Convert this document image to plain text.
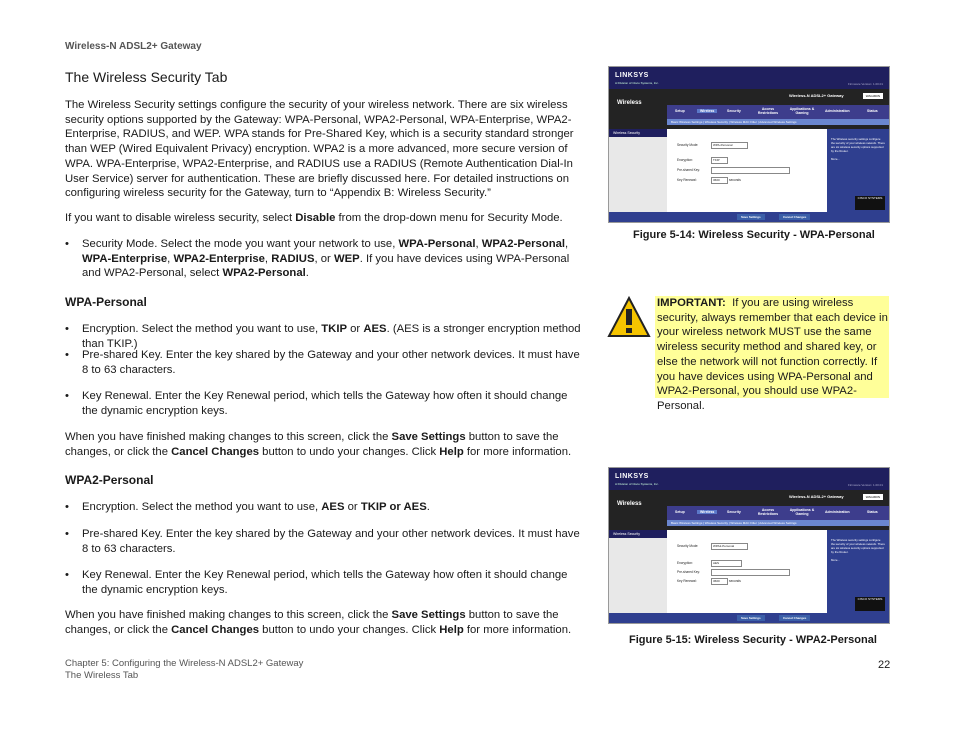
Wireless-N ADSL2+ Gateway
The Wireless Security Tab

The Wireless Security settings configure the security of your wireless network. There are six wireless security options supported by the Gateway: WPA-Personal, WPA2-Personal, WPA-Enterprise, WPA2-Enterprise, RADIUS, and WEP. WPA stands for Pre-Shared Key, which is a security standard stronger than WEP (Wired Equivalent Privacy) encryption. WPA2 is a more advanced, more secure version of WPA. WPA-Enterprise, WPA2-Enterprise, and RADIUS use a RADIUS (Remote Authentication Dial-In User Service) server for authentication. These are briefly discussed here. For detailed instructions on configuring wireless security for the Gateway, turn to “Appendix B: Wireless Security.”

If you want to disable wireless security, select Disable from the drop-down menu for Security Mode.

• Security Mode. Select the mode you want your network to use, WPA-Personal, WPA2-Personal, WPA-Enterprise, WPA2-Enterprise, RADIUS, or WEP. If you have devices using WPA-Personal and WPA2-Personal, select WPA2-Personal.
WPA-Personal
• Encryption. Select the method you want to use, TKIP or AES. (AES is a stronger encryption method than TKIP.)
• Pre-shared Key. Enter the key shared by the Gateway and your other network devices. It must have
8 to 63 characters.
• Key Renewal. Enter the Key Renewal period, which tells the Gateway how often it should change the dynamic encryption keys.

When you have finished making changes to this screen, click the Save Settings button to save the changes, or click the Cancel Changes button to undo your changes. Click Help for more information.

WPA2-Personal
• Encryption. Select the method you want to use, AES or TKIP or AES.
• Pre-shared Key. Enter the key shared by the Gateway and your other network devices. It must have
8 to 63 characters.
• Key Renewal. Enter the Key Renewal period, which tells the Gateway how often it should change the dynamic encryption keys.

When you have finished making changes to this screen, click the Save Settings button to save the changes, or click the Cancel Changes button to undo your changes. Click Help for more information.

LINKSYS
A Division of Cisco Systems, Inc.	Firmware Version: 1.00.01
Wireless
Wireless-N ADSL2+ Gateway	WAG300N
Setup	Wireless	Security	Access Restrictions
Applications & Gaming	Administration	Status
Basic Wireless Settings | Wireless Security | Wireless MAC Filter | Advanced Wireless Settings
Wireless Security
The Wireless security settings configure the security of your wireless network. There are six wireless security options supported by the Router.

More...
Security Mode:	WPA-Personal
Encryption:	TKIP
Pre-shared Key:
Key Renewal:	3600	seconds
CISCO SYSTEMS
Save Settings	Cancel Changes
Figure 5-14: Wireless Security - WPA-Personal
IMPORTANT: If you are using wireless security, always remember that each device in your wireless network MUST use the same wireless security method and shared key, or else the network will not function correctly. If you have devices using WPA-Personal and WPA2-Personal, you should use WPA2-Personal.
LINKSYS
A Division of Cisco Systems, Inc.	Firmware Version: 1.00.01
Wireless
Wireless-N ADSL2+ Gateway	WAG300N
Setup	Wireless	Security	Access Restrictions
Applications & Gaming	Administration	Status
Basic Wireless Settings | Wireless Security | Wireless MAC Filter | Advanced Wireless Settings
Wireless Security
The Wireless security settings configure the security of your wireless network. There are six wireless security options supported by the Router.

More...
Security Mode:	WPA2-Personal
Encryption:	AES
Pre-shared Key:
Key Renewal:	3600	seconds
CISCO SYSTEMS
Save Settings	Cancel Changes
Figure 5-15: Wireless Security - WPA2-Personal
Chapter 5: Configuring the Wireless-N ADSL2+ Gateway
The Wireless Tab
22
